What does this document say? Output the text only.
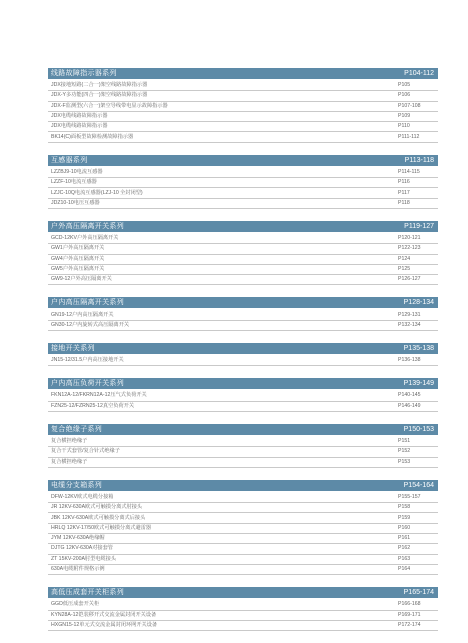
线路故障指示器系列	P104-112
JDX接地短路(二合一)架空线路故障指示器	P105
JDX-Y多功能(四合一)架空线路故障指示器	P106
JDX-F监测型(六合一)架空导线带电显示故障指示器	P107-108
JDX电缆线路故障指示器	P109
JDX电缆线路故障指示器	P110
BK14(C)面板型故障检测故障指示器	P111-112
互感器系列	P113-118
LZZBJ9-10电流互感器	P114-115
LZZF-10电流互感器	P116
LZJC-10Q电流互感器(LZJ-10 全封闭型)	P117
JDZ10-10电压互感器	P118
户外高压隔离开关系列	P119-127
GCD-12KV户外高压隔离开关	P120-121
GW1户外高压隔离开关	P122-123
GW4户外高压隔离开关	P124
GW5户外高压隔离开关	P125
GW9-12户外高压隔离开关	P126-127
户内高压隔离开关系列	P128-134
GN19-12户内高压隔离开关	P129-131
GN30-12户内旋转式高压隔离开关	P132-134
接地开关系列	P135-138
JN15-12/31.5户内高压接地开关	P136-138
户内高压负荷开关系列	P139-149
FKN12A-12/FKRN12A-12压气式负荷开关	P140-145
FZN25-12/FZRN25-12真空负荷开关	P146-149
复合绝缘子系列	P150-153
复合横担绝缘子	P151
复合干式套管/复合针式绝缘子	P152
复合横担绝缘子	P153
电缆分支箱系列	P154-164
DFW-12KV欧式电缆分接箱	P155-157
JR 12KV-630A欧式可触摸分离式肘接头	P158
JBK 12KV-630A欧式可触摸分离式后接头	P159
HRLQ 12KV-17/50欧式可触摸分离式避雷器	P160
JYM 12KV-630A绝缘帽	P161
DJTG 12KV-630A对接套管	P162
ZT 15KV-200A肘型电缆接头	P163
630A电缆附件规格示例	P164
高低压成套开关柜系列	P165-174
GGD低压成套开关柜	P166-168
KYN28A-12铠装移开式交流金属封闭开关设备	P169-171
HXGN15-12单元式交流金属封闭环网开关设备	P172-174
